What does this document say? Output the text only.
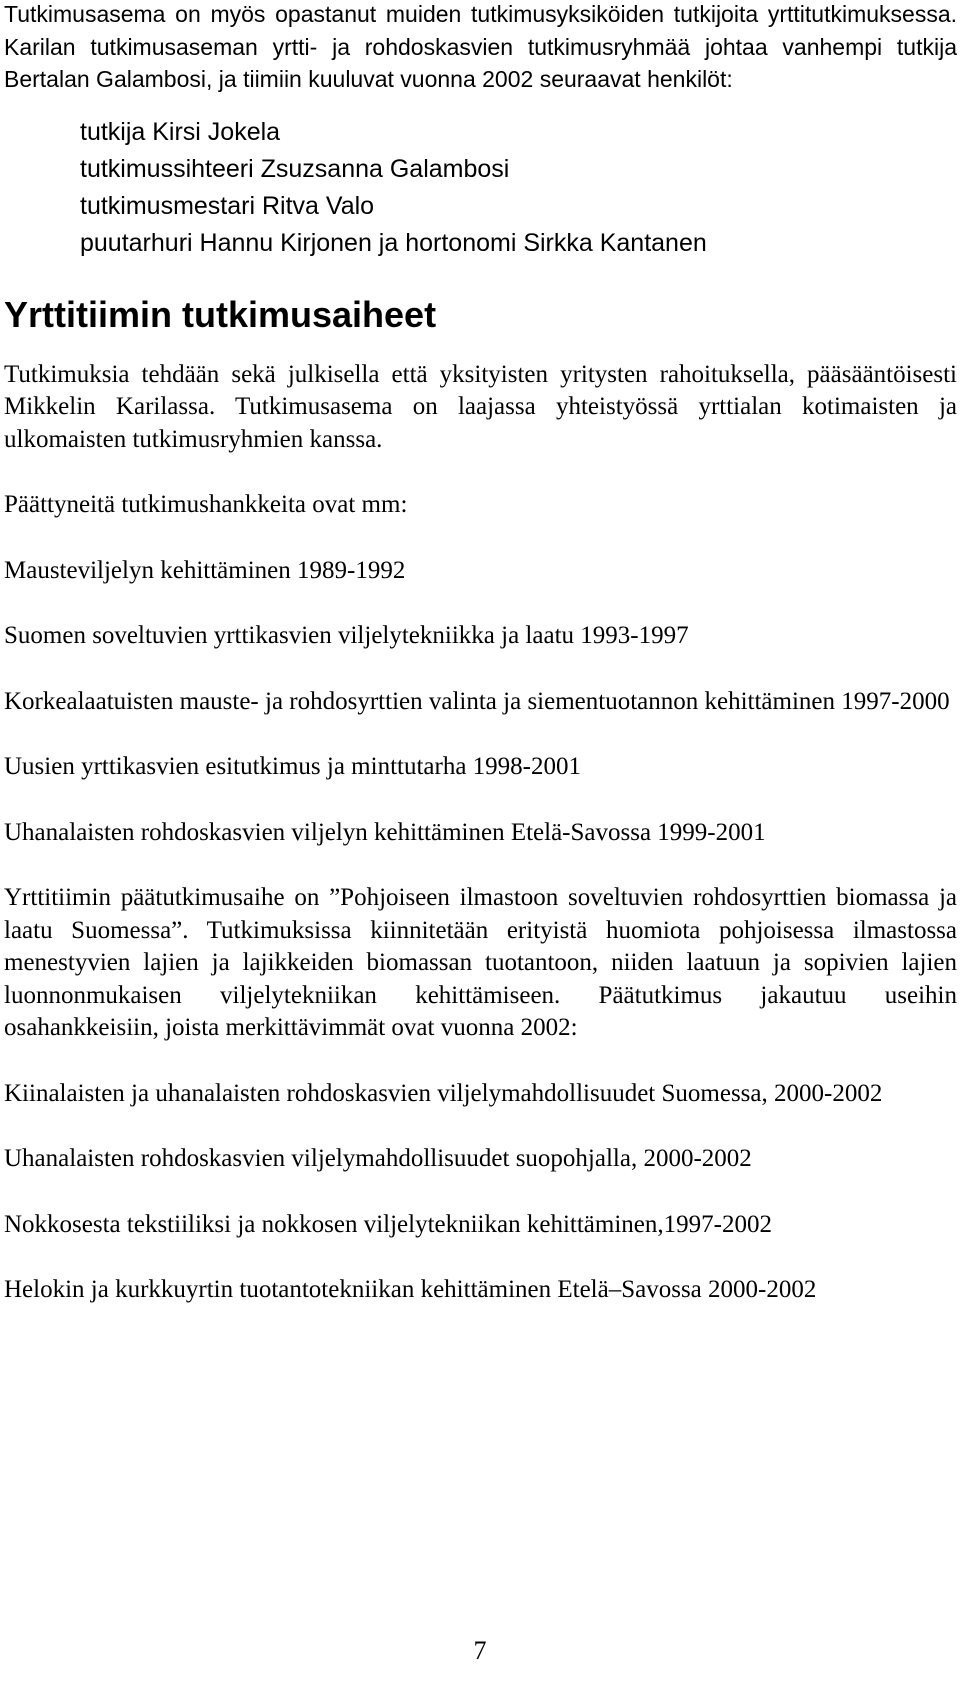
Tutkimusasema on myös opastanut muiden tutkimusyksiköiden tutkijoita yrttitutkimuksessa. Karilan tutkimusaseman yrtti- ja rohdoskasvien tutkimusryhmää johtaa vanhempi tutkija Bertalan Galambosi, ja tiimiin kuuluvat vuonna 2002 seuraavat henkilöt:

tutkija Kirsi Jokela
tutkimussihteeri Zsuzsanna Galambosi
tutkimusmestari Ritva Valo
puutarhuri Hannu Kirjonen ja hortonomi Sirkka Kantanen
Yrttitiimin tutkimusaiheet

Tutkimuksia tehdään sekä julkisella että yksityisten yritysten rahoituksella, pääsääntöisesti Mikkelin Karilassa. Tutkimusasema on laajassa yhteistyössä yrttialan kotimaisten ja ulkomaisten tutkimusryhmien kanssa.

Päättyneitä tutkimushankkeita ovat mm:

Mausteviljelyn kehittäminen 1989-1992

Suomen soveltuvien yrttikasvien viljelytekniikka ja laatu 1993-1997

Korkealaatuisten mauste- ja rohdosyrttien valinta ja siementuotannon kehittäminen 1997-2000

Uusien yrttikasvien esitutkimus ja minttutarha 1998-2001

Uhanalaisten rohdoskasvien viljelyn kehittäminen Etelä-Savossa 1999-2001

Yrttitiimin päätutkimusaihe on ”Pohjoiseen ilmastoon soveltuvien rohdosyrttien biomassa ja laatu Suomessa”. Tutkimuksissa kiinnitetään erityistä huomiota pohjoisessa ilmastossa menestyvien lajien ja lajikkeiden biomassan tuotantoon, niiden laatuun ja sopivien lajien luonnonmukaisen viljelytekniikan kehittämiseen. Päätutkimus jakautuu useihin osahankkeisiin, joista merkittävimmät ovat vuonna 2002:

Kiinalaisten ja uhanalaisten rohdoskasvien viljelymahdollisuudet Suomessa, 2000-2002

Uhanalaisten rohdoskasvien viljelymahdollisuudet suopohjalla, 2000-2002

Nokkosesta tekstiiliksi ja nokkosen viljelytekniikan kehittäminen,1997-2002

Helokin ja kurkkuyrtin tuotantotekniikan kehittäminen Etelä–Savossa 2000-2002

7
